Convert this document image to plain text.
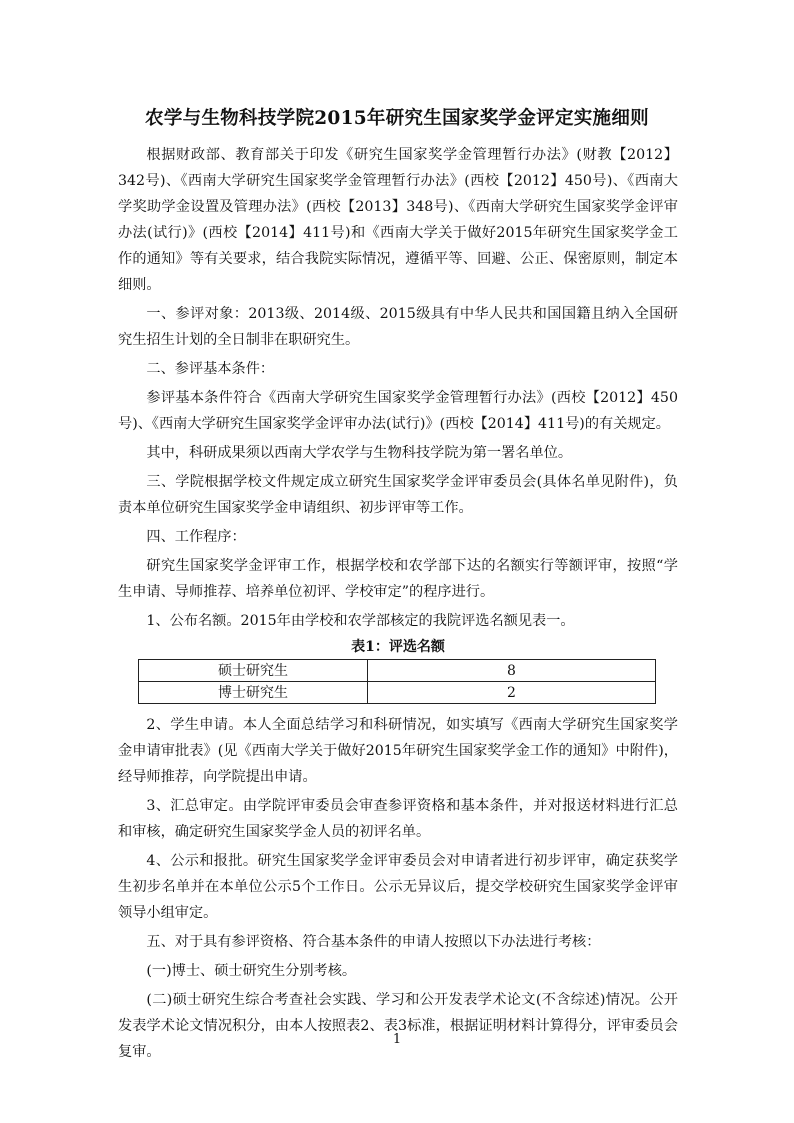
农学与生物科技学院2015年研究生国家奖学金评定实施细则

根据财政部、教育部关于印发《研究生国家奖学金管理暂行办法》(财教【2012】342号)、《西南大学研究生国家奖学金管理暂行办法》(西校【2012】450号)、《西南大学奖助学金设置及管理办法》(西校【2013】348号)、《西南大学研究生国家奖学金评审办法(试行)》(西校【2014】411号)和《西南大学关于做好2015年研究生国家奖学金工作的通知》等有关要求，结合我院实际情况，遵循平等、回避、公正、保密原则，制定本细则。

一、参评对象：2013级、2014级、2015级具有中华人民共和国国籍且纳入全国研究生招生计划的全日制非在职研究生。

二、参评基本条件：

参评基本条件符合《西南大学研究生国家奖学金管理暂行办法》(西校【2012】450号)、《西南大学研究生国家奖学金评审办法(试行)》(西校【2014】411号)的有关规定。

其中，科研成果须以西南大学农学与生物科技学院为第一署名单位。

三、学院根据学校文件规定成立研究生国家奖学金评审委员会(具体名单见附件)，负责本单位研究生国家奖学金申请组织、初步评审等工作。

四、工作程序：

研究生国家奖学金评审工作，根据学校和农学部下达的名额实行等额评审，按照“学生申请、导师推荐、培养单位初评、学校审定”的程序进行。

1、公布名额。2015年由学校和农学部核定的我院评选名额见表一。

表1：评选名额
硕士研究生	8
博士研究生	2

2、学生申请。本人全面总结学习和科研情况，如实填写《西南大学研究生国家奖学金申请审批表》(见《西南大学关于做好2015年研究生国家奖学金工作的通知》中附件)，经导师推荐，向学院提出申请。

3、汇总审定。由学院评审委员会审查参评资格和基本条件，并对报送材料进行汇总和审核，确定研究生国家奖学金人员的初评名单。

4、公示和报批。研究生国家奖学金评审委员会对申请者进行初步评审，确定获奖学生初步名单并在本单位公示5个工作日。公示无异议后，提交学校研究生国家奖学金评审领导小组审定。

五、对于具有参评资格、符合基本条件的申请人按照以下办法进行考核：

(一)博士、硕士研究生分别考核。

(二)硕士研究生综合考查社会实践、学习和公开发表学术论文(不含综述)情况。公开发表学术论文情况积分，由本人按照表2、表3标准，根据证明材料计算得分，评审委员会复审。

1
